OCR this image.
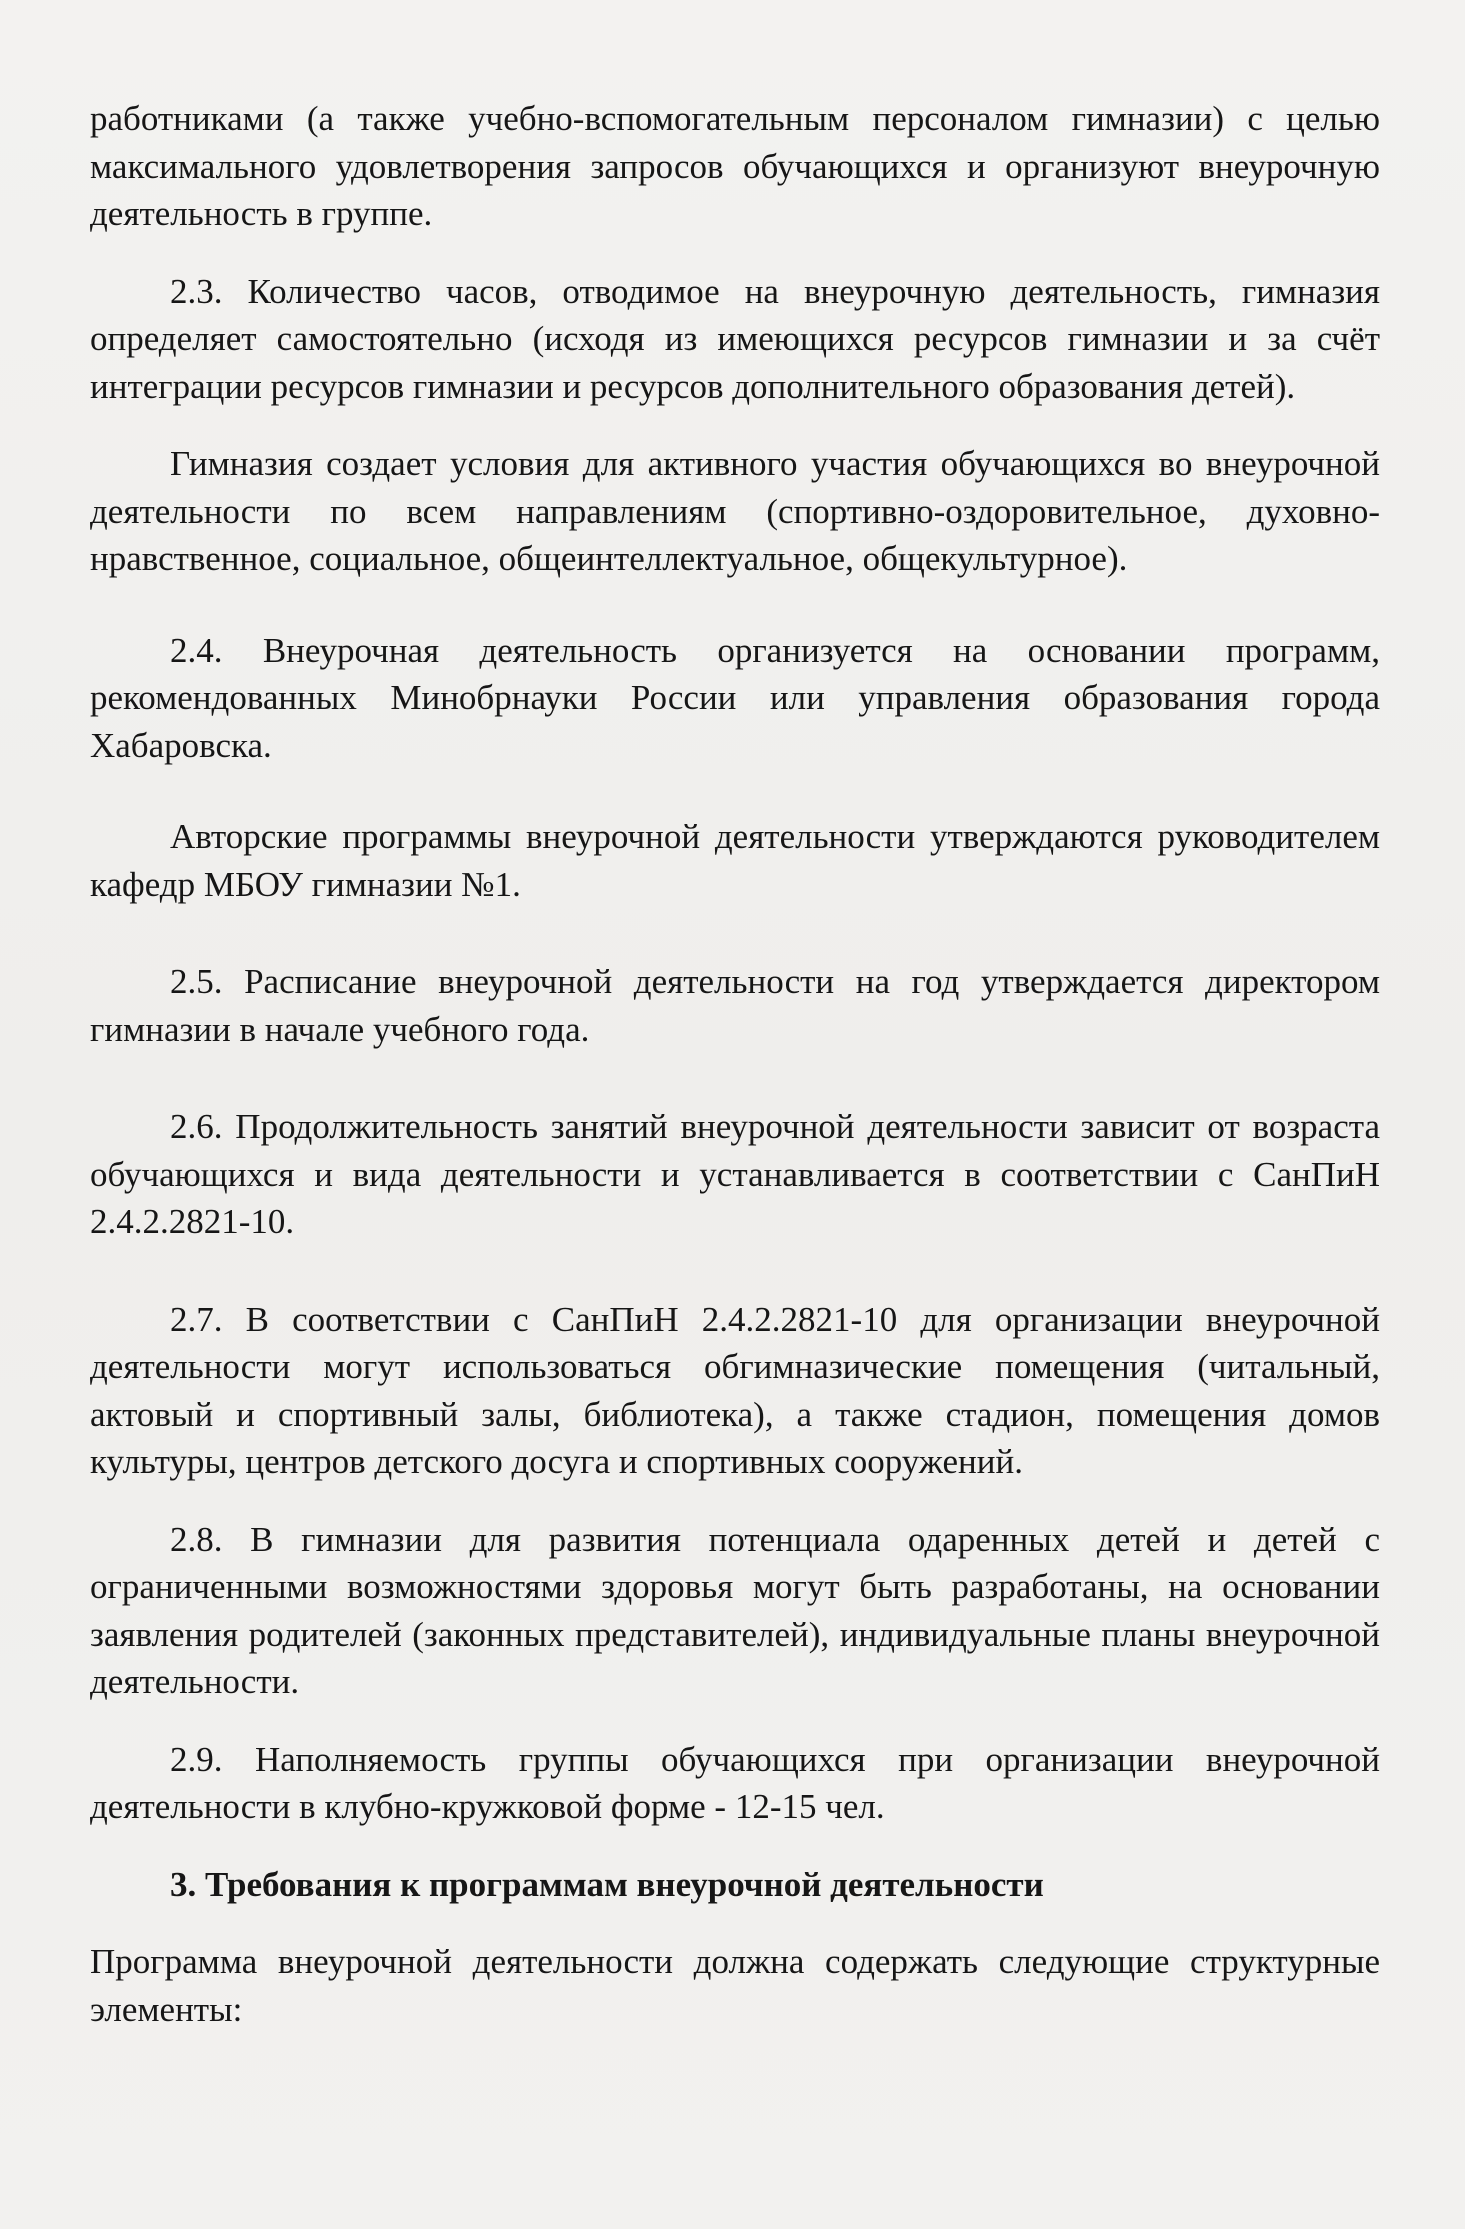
работниками (а также учебно-вспомогательным персоналом гимназии) с целью максимального удовлетворения запросов обучающихся и организуют внеурочную деятельность в группе.

2.3. Количество часов, отводимое на внеурочную деятельность, гимназия определяет самостоятельно (исходя из имеющихся ресурсов гимназии и за счёт интеграции ресурсов гимназии и ресурсов дополнительного образования детей).

Гимназия создает условия для активного участия обучающихся во внеурочной деятельности по всем направлениям (спортивно-оздоровительное, духовно-нравственное, социальное, общеинтеллектуальное, общекультурное).

2.4. Внеурочная деятельность организуется на основании программ, рекомендованных Минобрнауки России или управления образования города Хабаровска.

Авторские программы внеурочной деятельности утверждаются руководителем кафедр МБОУ гимназии №1.

2.5. Расписание внеурочной деятельности на год утверждается директором гимназии в начале учебного года.

2.6. Продолжительность занятий внеурочной деятельности зависит от возраста обучающихся и вида деятельности и устанавливается в соответствии с СанПиН 2.4.2.2821-10.

2.7. В соответствии с СанПиН 2.4.2.2821-10 для организации внеурочной деятельности могут использоваться обгимназические помещения (читальный, актовый и спортивный залы, библиотека), а также стадион, помещения домов культуры, центров детского досуга и спортивных сооружений.

2.8. В гимназии для развития потенциала одаренных детей и детей с ограниченными возможностями здоровья могут быть разработаны, на основании заявления родителей (законных представителей), индивидуальные планы внеурочной деятельности.

2.9. Наполняемость группы обучающихся при организации внеурочной деятельности в клубно-кружковой форме - 12-15 чел.

3. Требования к программам внеурочной деятельности

Программа внеурочной деятельности должна содержать следующие структурные элементы:
